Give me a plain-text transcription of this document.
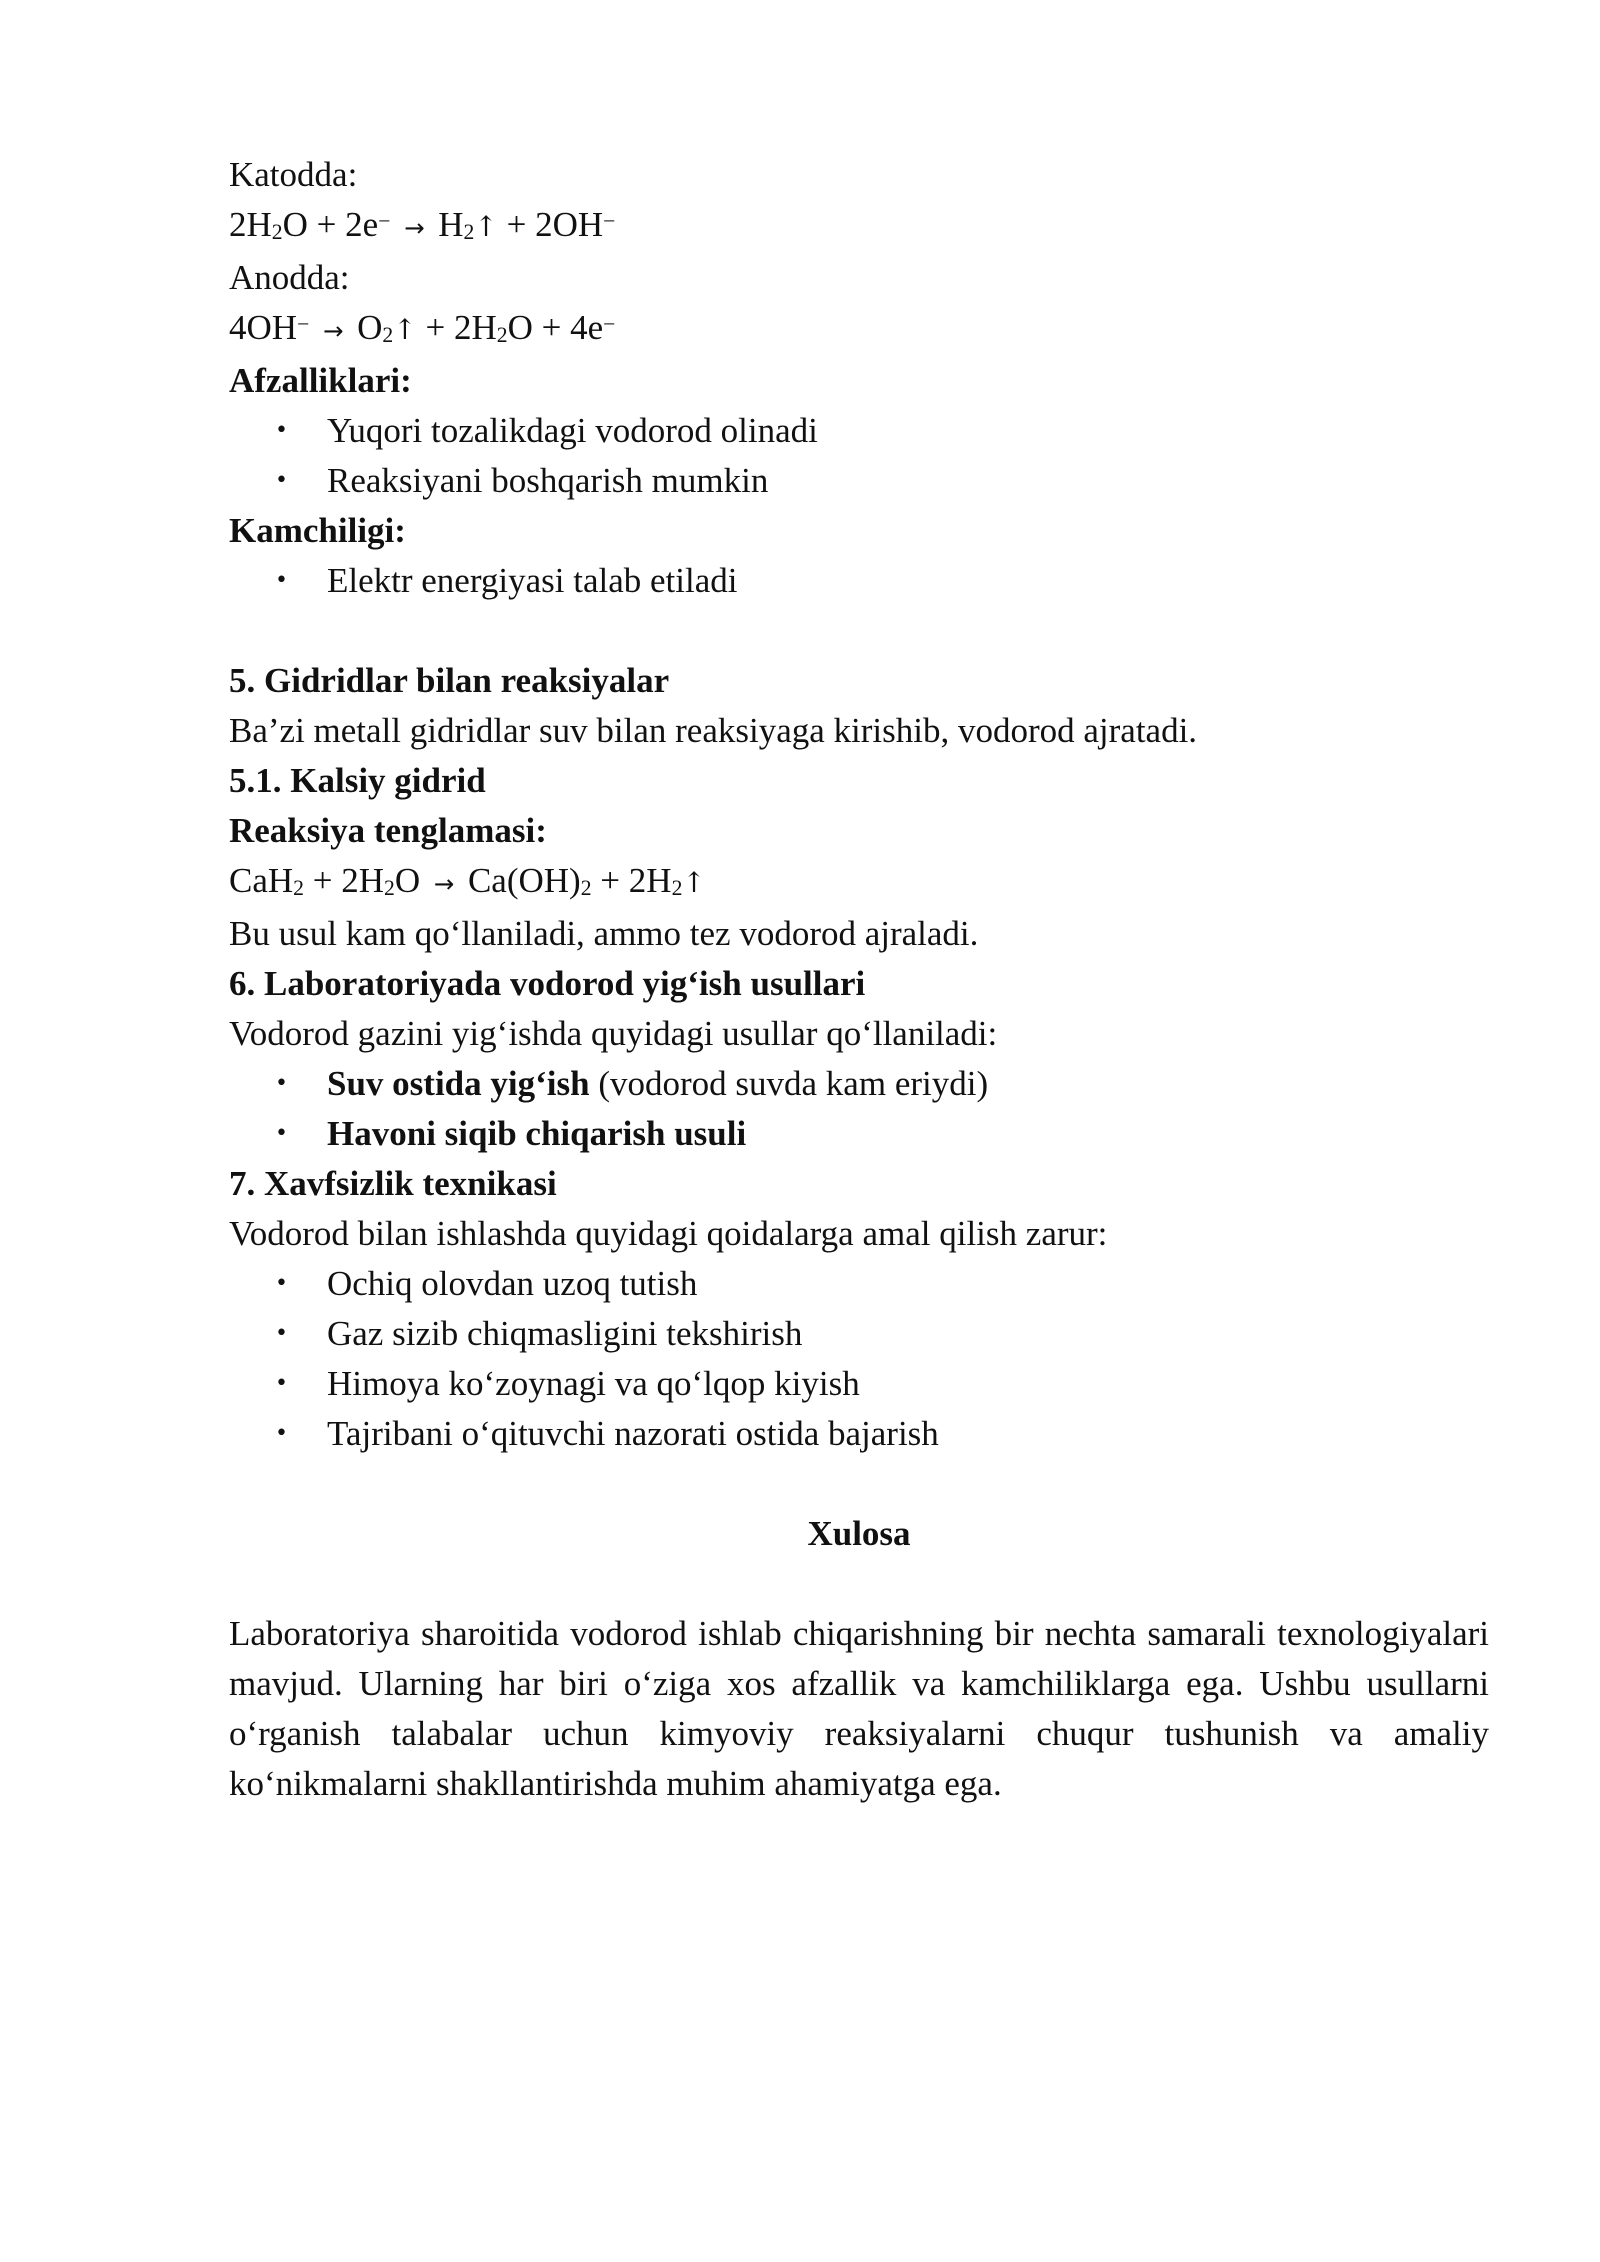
Katodda:

$2H_2O + 2e^-$ → $H_2↑ + 2OH^-$

Anodda:

$4OH^- \to O_2↑ + 2H_2O + 4e^-$

Afzalliklari:

• Yuqori tozalikdagi vodorod olinadi
• Reaksiyani boshqarish mumkin

Kamchiligi:

• Elektr energiyasi talab etiladi

5. Gidridlar bilan reaksiyalar

Ba’zi metall gidridlar suv bilan reaksiyaga kirishib, vodorod ajratadi.

5.1. Kalsiy gidrid

Reaksiya tenglamasi:

$CaH_2 + 2H_2O \to Ca(OH)_2$ + $2H_2↑$

Bu usul kam qo‘llaniladi, ammo tez vodorod ajraladi.

6. Laboratoriyada vodorod yig‘ish usullari

Vodorod gazini yig‘ishda quyidagi usullar qo‘llaniladi:

• Suv ostida yig‘ish (vodorod suvda kam eriydi)
• Havoni siqib chiqarish usuli

7. Xavfsizlik texnikasi

Vodorod bilan ishlashda quyidagi qoidalarga amal qilish zarur:

• Ochiq olovdan uzoq tutish
• Gaz sizib chiqmasligini tekshirish
• Himoya ko‘zoynagi va qo‘lqop kiyish
• Tajribani o‘qituvchi nazorati ostida bajarish

Xulosa

Laboratoriya sharoitida vodorod ishlab chiqarishning bir nechta samarali texnologiyalari mavjud. Ularning har biri o‘ziga xos afzallik va kamchiliklarga ega. Ushbu usullarni o‘rganish talabalar uchun kimyoviy reaksiyalarni chuqur tushunish va amaliy ko‘nikmalarni shakllantirishda muhim ahamiyatga ega.
